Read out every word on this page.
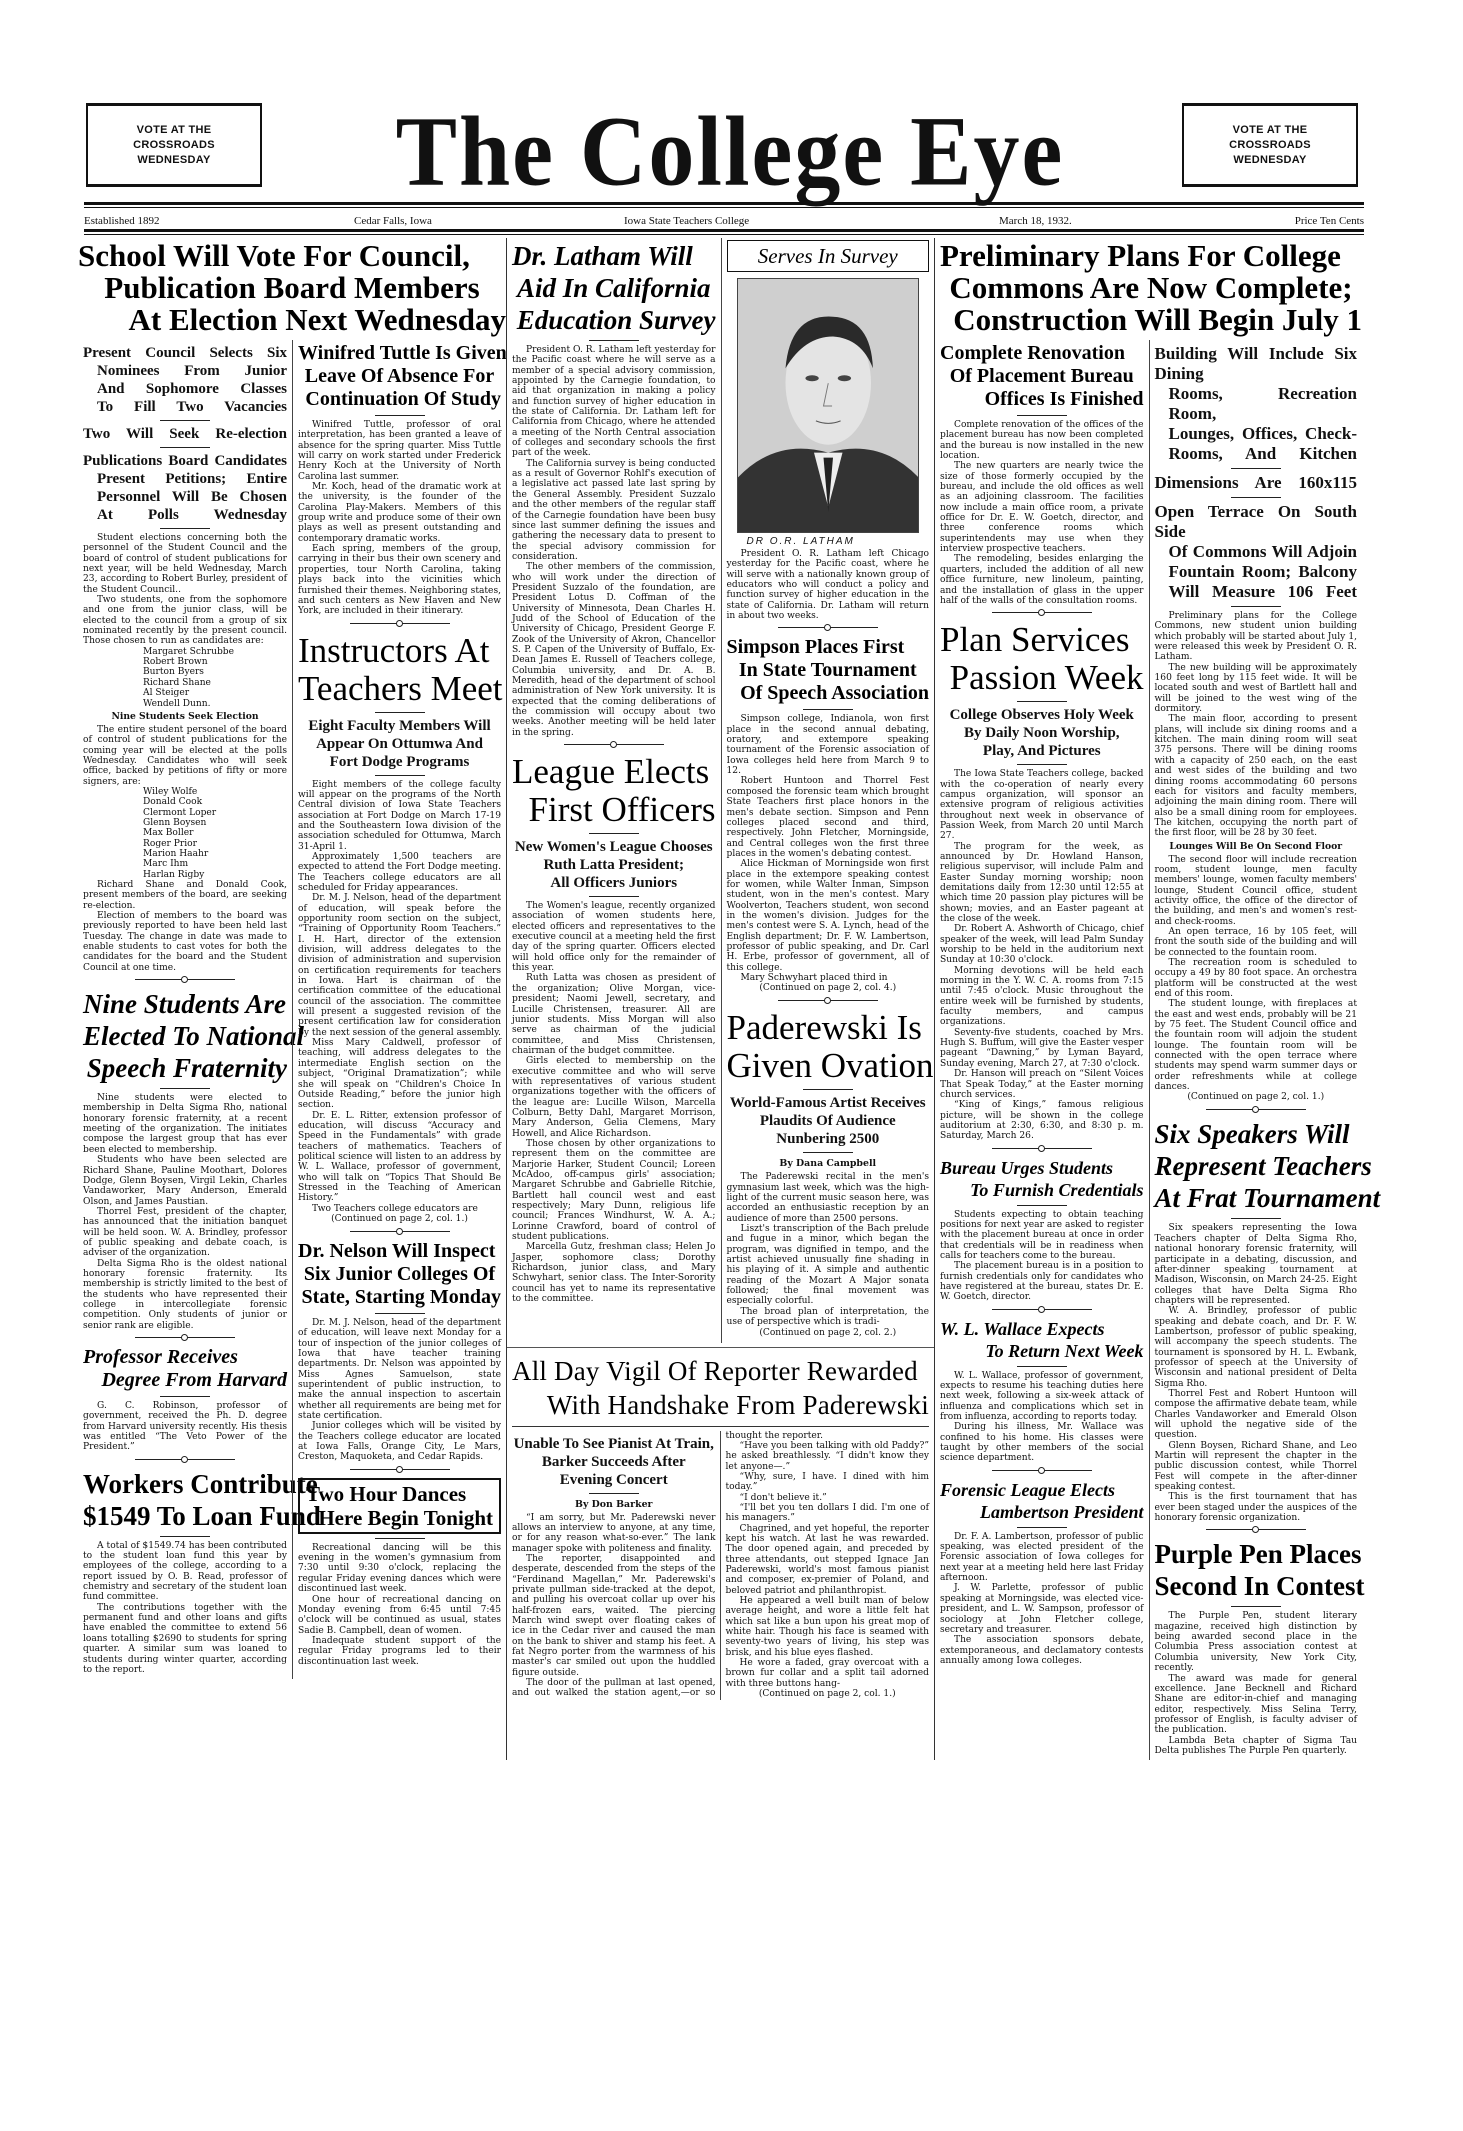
VOTE AT THE
CROSSROADS
WEDNESDAY	The College Eye	VOTE AT THE
CROSSROADS
WEDNESDAY
Established 1892	Cedar Falls, Iowa	Iowa State Teachers College	March 18, 1932.	Price Ten Cents
School Will Vote For Council,
Publication Board Members
At Election Next Wednesday
Present Council Selects Six
Nominees From Junior
And Sophomore Classes
To Fill Two Vacancies
Two Will Seek Re-election
Publications Board Candidates
Present Petitions; Entire
Personnel Will Be Chosen
At Polls Wednesday

Student elections concerning both the personnel of the Student Council and the board of control of student publications for next year, will be held Wednesday, March 23, according to Robert Burley, president of the Student Council..

Two students, one from the sophomore and one from the junior class, will be elected to the council from a group of six nominated recently by the present council. Those chosen to run as candidates are:

Margaret Schrubbe
Robert Brown
Burton Byers
Richard Shane
Al Steiger
Wendell Dunn.
Nine Students Seek Election

The entire student personel of the board of control of student publications for the coming year will be elected at the polls Wednesday. Candidates who will seek office, backed by petitions of fifty or more signers, are:

Wiley Wolfe
Donald Cook
Clermont Loper
Glenn Boysen
Max Boller
Roger Prior
Marion Haahr
Marc Ihm
Harlan Rigby

Richard Shane and Donald Cook, present members of the board, are seeking re-election.

Election of members to the board was previously reported to have been held last Tuesday. The change in date was made to enable students to cast votes for both the candidates for the board and the Student Council at one time.

Nine Students Are
Elected To National
Speech Fraternity

Nine students were elected to membership in Delta Sigma Rho, national honorary forensic fraternity, at a recent meeting of the organization. The initiates compose the largest group that has ever been elected to membership.

Students who have been selected are Richard Shane, Pauline Moothart, Dolores Dodge, Glenn Boysen, Virgil Lekin, Charles Vandaworker, Mary Anderson, Emerald Olson, and James Paustian.

Thorrel Fest, president of the chapter, has announced that the initiation banquet will be held soon. W. A. Brindley, professor of public speaking and debate coach, is adviser of the organization.

Delta Sigma Rho is the oldest national honorary forensic fraternity. Its membership is strictly limited to the best of the students who have represented their college in intercollegiate forensic competition. Only students of junior or senior rank are eligible.

Professor Receives
Degree From Harvard

G. C. Robinson, professor of government, received the Ph. D. degree from Harvard university recently. His thesis was entitled “The Veto Power of the President.”

Workers Contribute
$1549 To Loan Fund

A total of $1549.74 has been contributed to the student loan fund this year by employees of the college, according to a report issued by O. B. Read, professor of chemistry and secretary of the student loan fund committee.

The contributions together with the permanent fund and other loans and gifts have enabled the committee to extend 56 loans totalling $2690 to students for spring quarter. A similar sum was loaned to students during winter quarter, according to the report.

Winifred Tuttle Is Given
Leave Of Absence For
Continuation Of Study

Winifred Tuttle, professor of oral interpretation, has been granted a leave of absence for the spring quarter. Miss Tuttle will carry on work started under Frederick Henry Koch at the University of North Carolina last summer.

Mr. Koch, head of the dramatic work at the university, is the founder of the Carolina Play-Makers. Members of this group write and produce some of their own plays as well as present outstanding and contemporary dramatic works.

Each spring, members of the group, carrying in their bus their own scenery and properties, tour North Carolina, taking plays back into the vicinities which furnished their themes. Neighboring states, and such centers as New Haven and New York, are included in their itinerary.

Instructors At
Teachers Meet
Eight Faculty Members Will
Appear On Ottumwa And
Fort Dodge Programs

Eight members of the college faculty will appear on the programs of the North Central division of Iowa State Teachers association at Fort Dodge on March 17-19 and the Southeastern Iowa division of the association scheduled for Ottumwa, March 31-April 1.

Approximately 1,500 teachers are expected to attend the Fort Dodge meeting. The Teachers college educators are all scheduled for Friday appearances.

Dr. M. J. Nelson, head of the department of education, will speak before the opportunity room section on the subject, “Training of Opportunity Room Teachers.” I. H. Hart, director of the extension division, will address delegates to the division of administration and supervision on certification requirements for teachers in Iowa. Hart is chairman of the certification committee of the educational council of the association. The committee will present a suggested revision of the present certification law for consideration by the next session of the general assembly.

Miss Mary Caldwell, professor of teaching, will address delegates to the intermediate English section on the subject, “Original Dramatization”; while she will speak on “Children's Choice In Outside Reading,” before the junior high section.

Dr. E. L. Ritter, extension professor of education, will discuss “Accuracy and Speed in the Fundamentals” with grade teachers of mathematics. Teachers of political science will listen to an address by W. L. Wallace, professor of government, who will talk on “Topics That Should Be Stressed in the Teaching of American History.”

Two Teachers college educators are

(Continued on page 2, col. 1.)
Dr. Nelson Will Inspect
Six Junior Colleges Of
State, Starting Monday

Dr. M. J. Nelson, head of the department of education, will leave next Monday for a tour of inspection of the junior colleges of Iowa that have teacher training departments. Dr. Nelson was appointed by Miss Agnes Samuelson, state superintendent of public instruction, to make the annual inspection to ascertain whether all requirements are being met for state certification.

Junior colleges which will be visited by the Teachers college educator are located at Iowa Falls, Orange City, Le Mars, Creston, Maquoketa, and Cedar Rapids.

Two Hour Dances
Here Begin Tonight

Recreational dancing will be this evening in the women's gymnasium from 7:30 until 9:30 o'clock, replacing the regular Friday evening dances which were discontinued last week.

One hour of recreational dancing on Monday evening from 6:45 until 7:45 o'clock will be continued as usual, states Sadie B. Campbell, dean of women.

Inadequate student support of the regular Friday programs led to their discontinuation last week.

Dr. Latham Will
Aid In California
Education Survey

President O. R. Latham left yesterday for the Pacific coast where he will serve as a member of a special advisory commission, appointed by the Carnegie foundation, to aid that organization in making a policy and function survey of higher education in the state of California. Dr. Latham left for California from Chicago, where he attended a meeting of the North Central association of colleges and secondary schools the first part of the week.

The California survey is being conducted as a result of Governor Rohlf's execution of a legislative act passed late last spring by the General Assembly. President Suzzalo and the other members of the regular staff of the Carnegie foundation have been busy since last summer defining the issues and gathering the necessary data to present to the special advisory commission for consideration.

The other members of the commission, who will work under the direction of President Suzzalo of the foundation, are President Lotus D. Coffman of the University of Minnesota, Dean Charles H. Judd of the School of Education of the University of Chicago, President George F. Zook of the University of Akron, Chancellor S. P. Capen of the University of Buffalo, Ex-Dean James E. Russell of Teachers college, Columbia university, and Dr. A. B. Meredith, head of the department of school administration of New York university. It is expected that the coming deliberations of the commission will occupy about two weeks. Another meeting will be held later in the spring.

League Elects
First Officers
New Women's League Chooses
Ruth Latta President;
All Officers Juniors

The Women's league, recently organized association of women students here, elected officers and representatives to the executive council at a meeting held the first day of the spring quarter. Officers elected will hold office only for the remainder of this year.

Ruth Latta was chosen as president of the organization; Olive Morgan, vice-president; Naomi Jewell, secretary, and Lucille Christensen, treasurer. All are junior students. Miss Morgan will also serve as chairman of the judicial committee, and Miss Christensen, chairman of the budget committee.

Girls elected to membership on the executive committee and who will serve with representatives of various student organizations together with the officers of the league are: Lucille Wilson, Marcella Colburn, Betty Dahl, Margaret Morrison, Mary Anderson, Gelia Clemens, Mary Howell, and Alice Richardson.

Those chosen by other organizations to represent them on the committee are Marjorie Harker, Student Council; Loreen McAdoo, off-campus girls' association; Margaret Schrubbe and Gabrielle Ritchie, Bartlett hall council west and east respectively; Mary Dunn, religious life council; Frances Windhurst, W. A. A.; Lorinne Crawford, board of control of student publications.

Marcella Gutz, freshman class; Helen Jo Jasper, sophomore class; Dorothy Richardson, junior class, and Mary Schwyhart, senior class. The Inter-Sorority council has yet to name its representative to the committee.

Serves In Survey
DR O.R. LATHAM

President O. R. Latham left Chicago yesterday for the Pacific coast, where he will serve with a nationally known group of educators who will conduct a policy and function survey of higher education in the state of California. Dr. Latham will return in about two weeks.

Simpson Places First
In State Tournament
Of Speech Association

Simpson college, Indianola, won first place in the second annual debating, oratory, and extempore speaking tournament of the Forensic association of Iowa colleges held here from March 9 to 12.

Robert Huntoon and Thorrel Fest composed the forensic team which brought State Teachers first place honors in the men's debate section. Simpson and Penn colleges placed second and third, respectively. John Fletcher, Morningside, and Central colleges won the first three places in the women's debating contest.

Alice Hickman of Morningside won first place in the extempore speaking contest for women, while Walter Inman, Simpson student, won in the men's contest. Mary Woolverton, Teachers student, won second in the women's division. Judges for the men's contest were S. A. Lynch, head of the English department; Dr. F. W. Lambertson, professor of public speaking, and Dr. Carl H. Erbe, professor of government, all of this college.

Mary Schwyhart placed third in

(Continued on page 2, col. 4.)
Paderewski Is
Given Ovation
World-Famous Artist Receives
Plaudits Of Audience
Nunbering 2500
By Dana Campbell

The Paderewski recital in the men's gymnasium last week, which was the high-light of the current music season here, was accorded an enthusiastic reception by an audience of more than 2500 persons.

Liszt's transcription of the Bach prelude and fugue in a minor, which began the program, was dignified in tempo, and the artist achieved unusually fine shading in his playing of it. A simple and authentic reading of the Mozart A Major sonata followed; the final movement was especially colorful.

The broad plan of interpretation, the use of perspective which is tradi-

(Continued on page 2, col. 2.)
All Day Vigil Of Reporter Rewarded
With Handshake From Paderewski
Unable To See Pianist At Train,
Barker Succeeds After
Evening Concert
By Don Barker

“I am sorry, but Mr. Paderewski never allows an interview to anyone, at any time, or for any reason what-so-ever.” The lank manager spoke with politeness and finality.

The reporter, disappointed and desperate, descended from the steps of the “Ferdinand Magellan,” Mr. Paderewski's private pullman side-tracked at the depot, and pulling his overcoat collar up over his half-frozen ears, waited. The piercing March wind swept over floating cakes of ice in the Cedar river and caused the man on the bank to shiver and stamp his feet. A fat Negro porter from the warmness of his master's car smiled out upon the huddled figure outside.

The door of the pullman at last opened, and out walked the station agent,—or so thought the reporter.

“Have you been talking with old Paddy?” he asked breathlessly. “I didn't know they let anyone—.”

“Why, sure, I have. I dined with him today.”

“I don't believe it.”

“I'll bet you ten dollars I did. I'm one of his managers.”

Chagrined, and yet hopeful, the reporter kept his watch. At last he was rewarded. The door opened again, and preceded by three attendants, out stepped Ignace Jan Paderewski, world's most famous pianist and composer, ex-premier of Poland, and beloved patriot and philanthropist.

He appeared a well built man of below average height, and wore a little felt hat which sat like a bun upon his great mop of white hair. Though his face is seamed with seventy-two years of living, his step was brisk, and his blue eyes flashed.

He wore a faded, gray overcoat with a brown fur collar and a split tail adorned with three buttons hang-

(Continued on page 2, col. 1.)
Preliminary Plans For College
Commons Are Now Complete;
Construction Will Begin July 1
Complete Renovation
Of Placement Bureau
Offices Is Finished

Complete renovation of the offices of the placement bureau has now been completed and the bureau is now installed in the new location.

The new quarters are nearly twice the size of those formerly occupied by the bureau, and include the old offices as well as an adjoining classroom. The facilities now include a main office room, a private office for Dr. E. W. Goetch, director, and three conference rooms which superintendents may use when they interview prospective teachers.

The remodeling, besides enlarging the quarters, included the addition of all new office furniture, new linoleum, painting, and the installation of glass in the upper half of the walls of the consultation rooms.

Plan Services
Passion Week
College Observes Holy Week
By Daily Noon Worship,
Play, And Pictures

The Iowa State Teachers college, backed with the co-operation of nearly every campus organization, will sponsor an extensive program of religious activities throughout next week in observance of Passion Week, from March 20 until March 27.

The program for the week, as announced by Dr. Howland Hanson, religious supervisor, will include Palm and Easter Sunday morning worship; noon demitations daily from 12:30 until 12:55 at which time 20 passion play pictures will be shown; movies, and an Easter pageant at the close of the week.

Dr. Robert A. Ashworth of Chicago, chief speaker of the week, will lead Palm Sunday worship to be held in the auditorium next Sunday at 10:30 o'clock.

Morning devotions will be held each morning in the Y. W. C. A. rooms from 7:15 until 7:45 o'clock. Music throughout the entire week will be furnished by students, faculty members, and campus organizations.

Seventy-five students, coached by Mrs. Hugh S. Buffum, will give the Easter vesper pageant “Dawning,” by Lyman Bayard, Sunday evening, March 27, at 7:30 o'clock.

Dr. Hanson will preach on “Silent Voices That Speak Today,” at the Easter morning church services.

“King of Kings,” famous religious picture, will be shown in the college auditorium at 2:30, 6:30, and 8:30 p. m. Saturday, March 26.

Bureau Urges Students
To Furnish Credentials

Students expecting to obtain teaching positions for next year are asked to register with the placement bureau at once in order that credentials will be in readiness when calls for teachers come to the bureau.

The placement bureau is in a position to furnish credentials only for candidates who have registered at the bureau, states Dr. E. W. Goetch, director.

W. L. Wallace Expects
To Return Next Week

W. L. Wallace, professor of government, expects to resume his teaching duties here next week, following a six-week attack of influenza and complications which set in from influenza, according to reports today.

During his illness, Mr. Wallace was confined to his home. His classes were taught by other members of the social science department.

Forensic League Elects
Lambertson President

Dr. F. A. Lambertson, professor of public speaking, was elected president of the Forensic association of Iowa colleges for next year at a meeting held here last Friday afternoon.

J. W. Parlette, professor of public speaking at Morningside, was elected vice-president, and L. W. Sampson, professor of sociology at John Fletcher college, secretary and treasurer.

The association sponsors debate, extemporaneous, and declamatory contests annually among Iowa colleges.

Building Will Include Six Dining
Rooms, Recreation Room,
Lounges, Offices, Check-
Rooms, And Kitchen
Dimensions Are 160x115
Open Terrace On South Side
Of Commons Will Adjoin
Fountain Room; Balcony
Will Measure 106 Feet

Preliminary plans for the College Commons, new student union building which probably will be started about July 1, were released this week by President O. R. Latham.

The new building will be approximately 160 feet long by 115 feet wide. It will be located south and west of Bartlett hall and will be joined to the west wing of the dormitory.

The main floor, according to present plans, will include six dining rooms and a kitchen. The main dining room will seat 375 persons. There will be dining rooms with a capacity of 250 each, on the east and west sides of the building and two dining rooms accommodating 60 persons each for visitors and faculty members, adjoining the main dining room. There will also be a small dining room for employees. The kitchen, occupying the north part of the first floor, will be 28 by 30 feet.

Lounges Will Be On Second Floor

The second floor will include recreation room, student lounge, men faculty members' lounge, women faculty members' lounge, Student Council office, student activity office, the office of the director of the building, and men's and women's rest- and check-rooms.

An open terrace, 16 by 105 feet, will front the south side of the building and will be connected to the fountain room.

The recreation room is scheduled to occupy a 49 by 80 foot space. An orchestra platform will be constructed at the west end of this room.

The student lounge, with fireplaces at the east and west ends, probably will be 21 by 75 feet. The Student Council office and the fountain room will adjoin the student lounge. The fountain room will be connected with the open terrace where students may spend warm summer days or order refreshments while at college dances.

(Continued on page 2, col. 1.)
Six Speakers Will
Represent Teachers
At Frat Tournament

Six speakers representing the Iowa Teachers chapter of Delta Sigma Rho, national honorary forensic fraternity, will participate in a debating, discussion, and after-dinner speaking tournament at Madison, Wisconsin, on March 24-25. Eight colleges that have Delta Sigma Rho chapters will be represented.

W. A. Brindley, professor of public speaking and debate coach, and Dr. F. W. Lambertson, professor of public speaking, will accompany the speech students. The tournament is sponsored by H. L. Ewbank, professor of speech at the University of Wisconsin and national president of Delta Sigma Rho.

Thorrel Fest and Robert Huntoon will compose the affirmative debate team, while Charles Vandaworker and Emerald Olson will uphold the negative side of the question.

Glenn Boysen, Richard Shane, and Leo Martin will represent the chapter in the public discussion contest, while Thorrel Fest will compete in the after-dinner speaking contest.

This is the first tournament that has ever been staged under the auspices of the honorary forensic organization.

Purple Pen Places
Second In Contest

The Purple Pen, student literary magazine, received high distinction by being awarded second place in the Columbia Press association contest at Columbia university, New York City, recently.

The award was made for general excellence. Jane Becknell and Richard Shane are editor-in-chief and managing editor, respectively. Miss Selina Terry, professor of English, is faculty adviser of the publication.

Lambda Beta chapter of Sigma Tau Delta publishes The Purple Pen quarterly.
